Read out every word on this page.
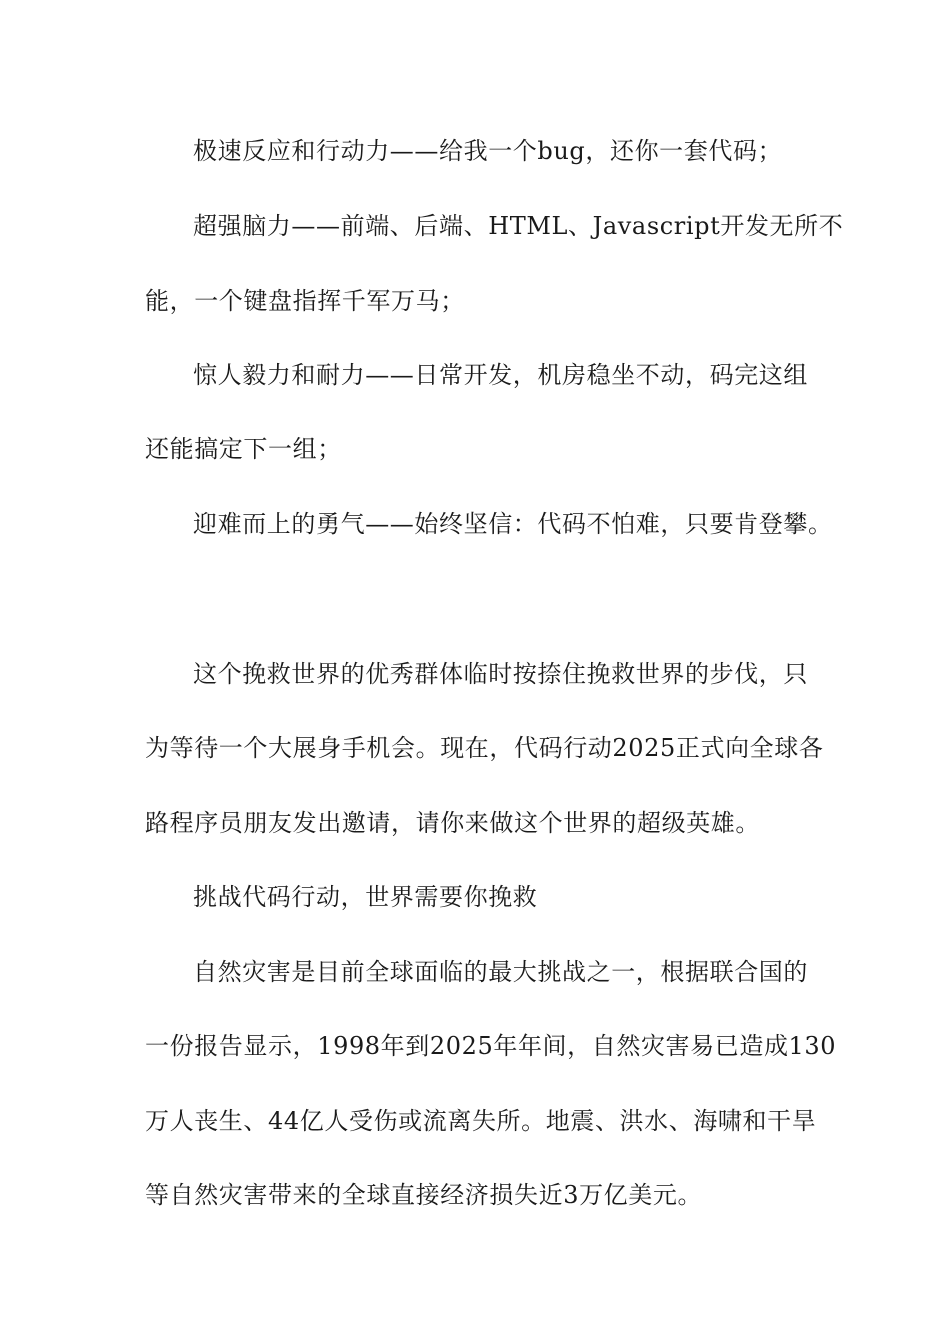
极速反应和行动力——给我一个bug，还你一套代码；
超强脑力——前端、后端、HTML、Javascript开发无所不
能，一个键盘指挥千军万马；
惊人毅力和耐力——日常开发，机房稳坐不动，码完这组
还能搞定下一组；
迎难而上的勇气——始终坚信：代码不怕难，只要肯登攀。
这个挽救世界的优秀群体临时按捺住挽救世界的步伐，只
为等待一个大展身手机会。现在，代码行动2025正式向全球各
路程序员朋友发出邀请，请你来做这个世界的超级英雄。
挑战代码行动，世界需要你挽救
自然灾害是目前全球面临的最大挑战之一，根据联合国的
一份报告显示，1998年到2025年年间，自然灾害易已造成130
万人丧生、44亿人受伤或流离失所。地震、洪水、海啸和干旱
等自然灾害带来的全球直接经济损失近3万亿美元。
